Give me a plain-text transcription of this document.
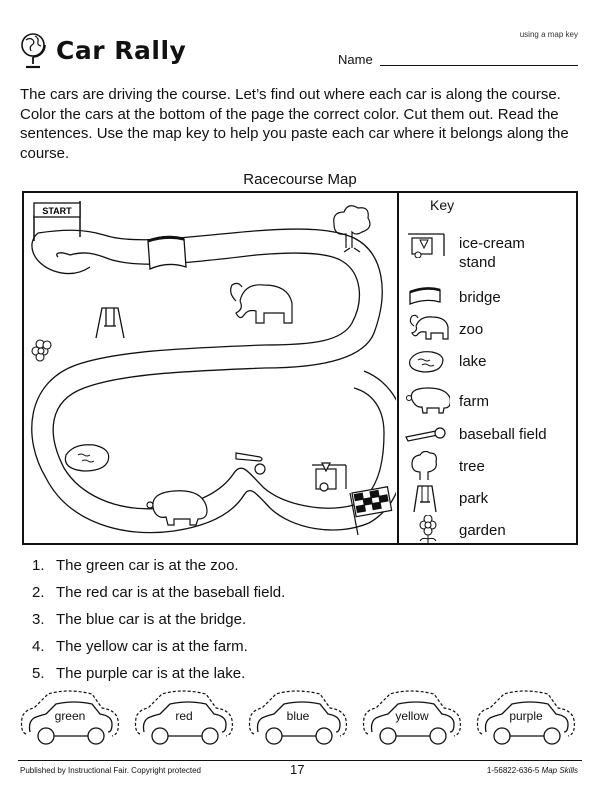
using a map key
Car Rally	Name
The cars are driving the course. Let’s find out where each car is along the course. Color the cars at the bottom of the page the correct color. Cut them out. Read the sentences. Use the map key to help you paste each car where it belongs along the course.
Racecourse Map
START	Key
ice-cream stand
bridge
zoo
lake
farm
baseball field
tree
park
garden
1. The green car is at the zoo.
2. The red car is at the baseball field.
3. The blue car is at the bridge.
4. The yellow car is at the farm.
5. The purple car is at the lake.
green	red	blue	yellow	purple
Published by Instructional Fair. Copyright protected	17	1-56822-636-5 Map Skills
